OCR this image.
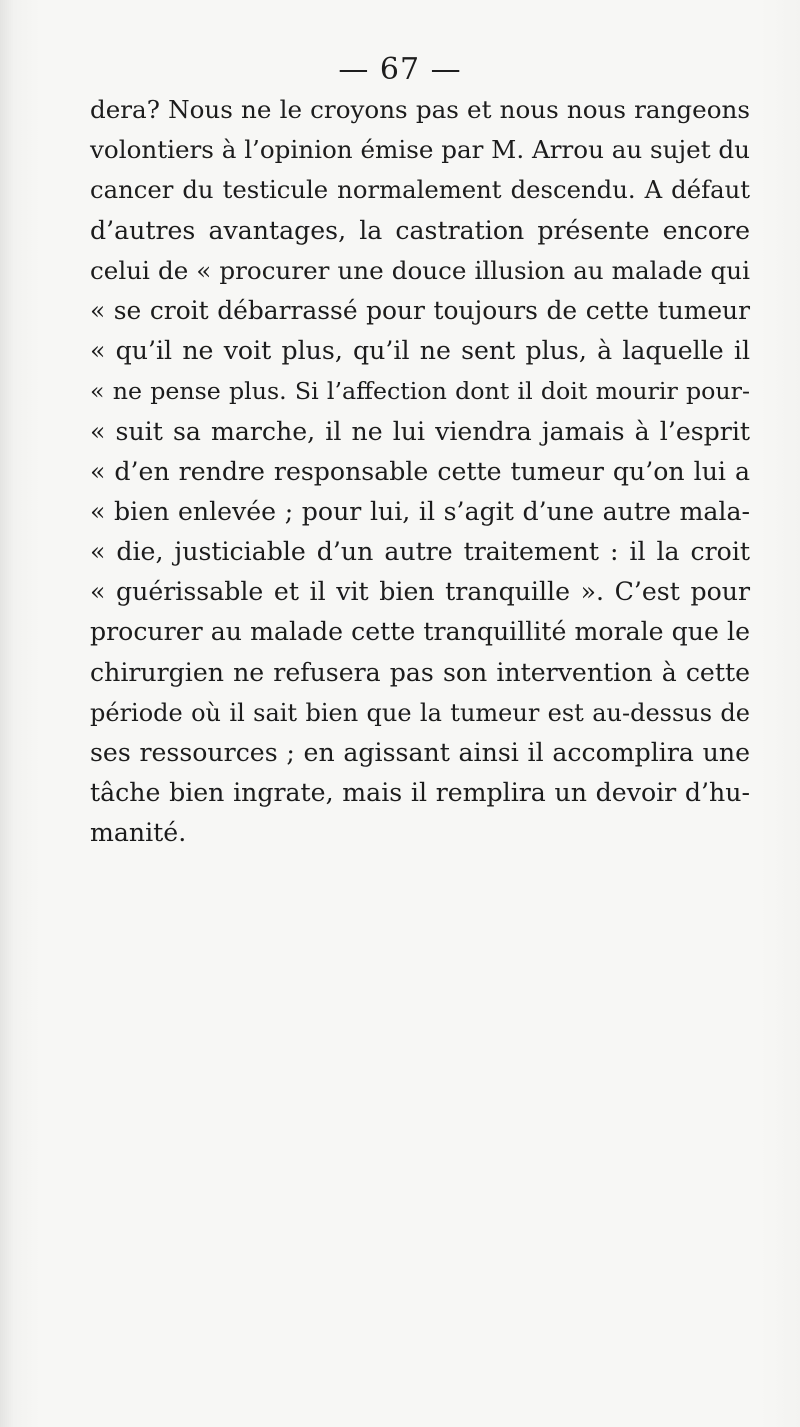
— 67 —
dera? Nous ne le croyons pas et nous nous rangeons
volontiers à l’opinion émise par M. Arrou au sujet du
cancer du testicule normalement descendu. A défaut
d’autres avantages, la castration présente encore
celui de « procurer une douce illusion au malade qui
« se croit débarrassé pour toujours de cette tumeur
« qu’il ne voit plus, qu’il ne sent plus, à laquelle il
« ne pense plus. Si l’affection dont il doit mourir pour-
« suit sa marche, il ne lui viendra jamais à l’esprit
« d’en rendre responsable cette tumeur qu’on lui a
« bien enlevée ; pour lui, il s’agit d’une autre mala-
« die, justiciable d’un autre traitement : il la croit
« guérissable et il vit bien tranquille ». C’est pour
procurer au malade cette tranquillité morale que le
chirurgien ne refusera pas son intervention à cette
période où il sait bien que la tumeur est au-dessus de
ses ressources ; en agissant ainsi il accomplira une
tâche bien ingrate, mais il remplira un devoir d’hu-
manité.
